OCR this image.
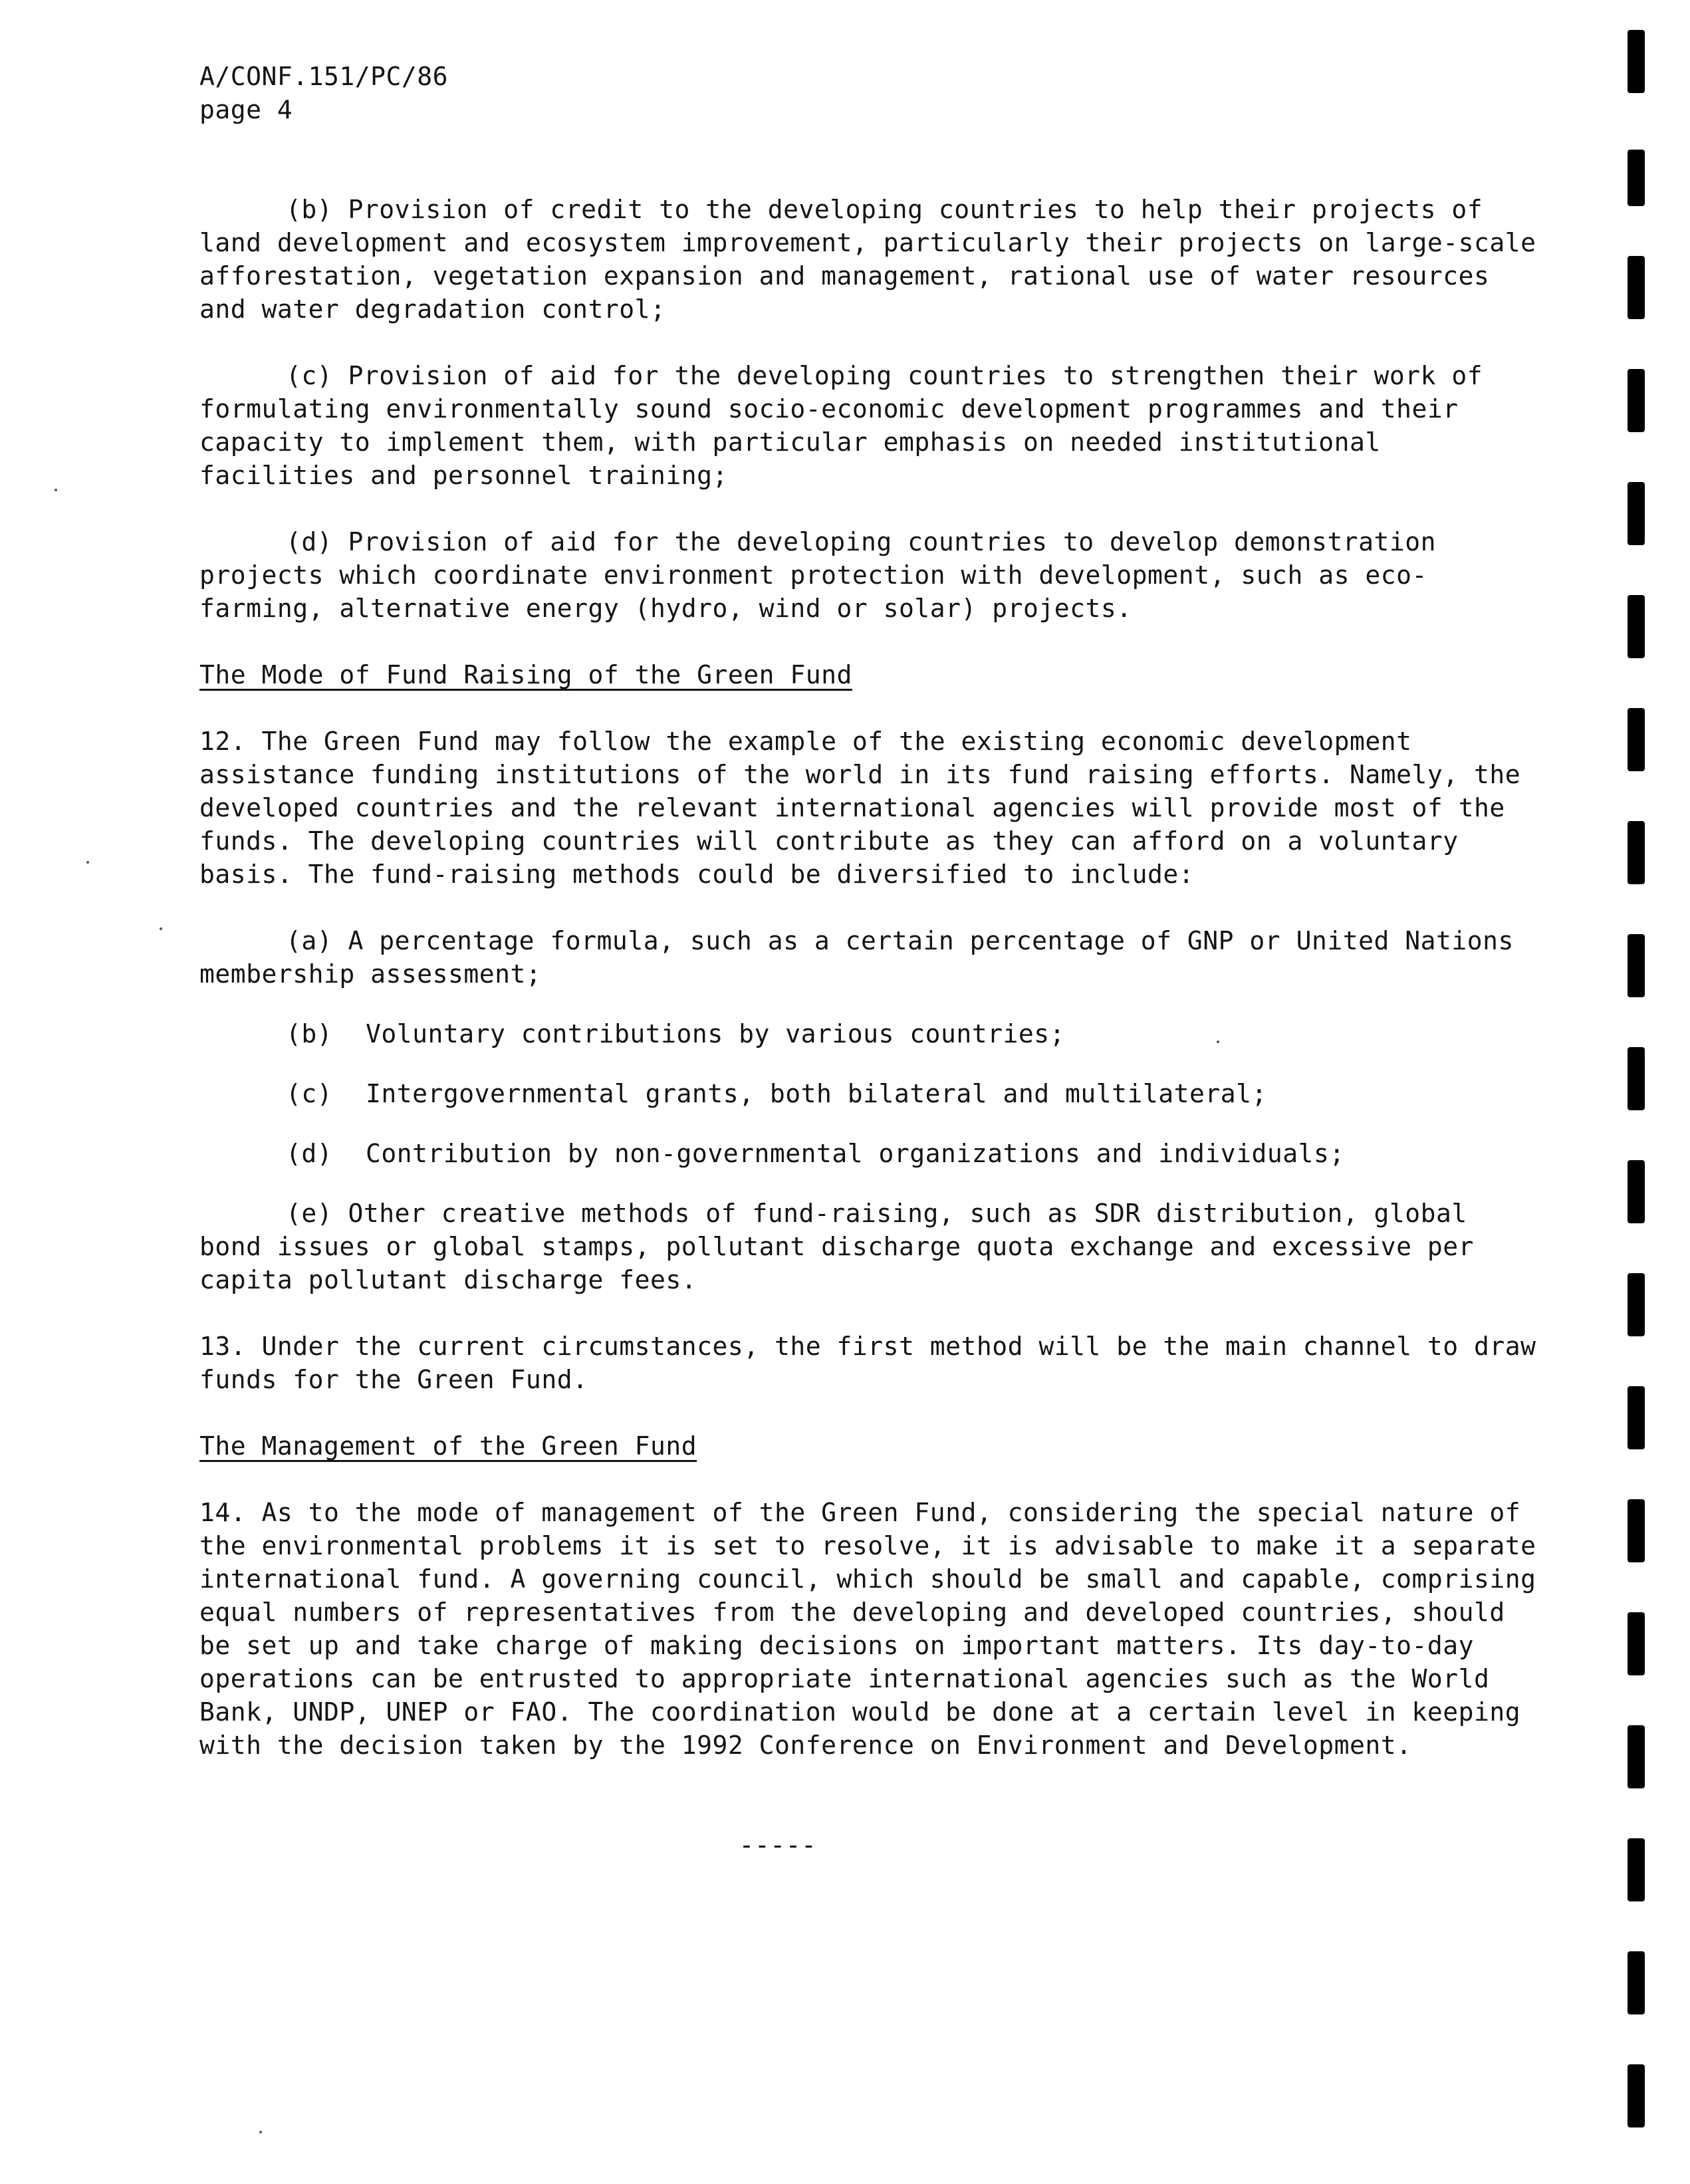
A/CONF.151/PC/86

page 4

(b) Provision of credit to the developing countries to help their projects of land development and ecosystem improvement, particularly their projects on large-scale afforestation, vegetation expansion and management, rational use of water resources and water degradation control;

(c) Provision of aid for the developing countries to strengthen their work of formulating environmentally sound socio-economic development programmes and their capacity to implement them, with particular emphasis on needed institutional facilities and personnel training;

(d) Provision of aid for the developing countries to develop demonstration projects which coordinate environment protection with development, such as eco-farming, alternative energy (hydro, wind or solar) projects.

The Mode of Fund Raising of the Green Fund

12. The Green Fund may follow the example of the existing economic development assistance funding institutions of the world in its fund raising efforts. Namely, the developed countries and the relevant international agencies will provide most of the funds. The developing countries will contribute as they can afford on a voluntary basis. The fund-raising methods could be diversified to include:

(a) A percentage formula, such as a certain percentage of GNP or United Nations membership assessment;

(b) Voluntary contributions by various countries;

(c) Intergovernmental grants, both bilateral and multilateral;

(d) Contribution by non-governmental organizations and individuals;

(e) Other creative methods of fund-raising, such as SDR distribution, global bond issues or global stamps, pollutant discharge quota exchange and excessive per capita pollutant discharge fees.

13. Under the current circumstances, the first method will be the main channel to draw funds for the Green Fund.

The Management of the Green Fund

14. As to the mode of management of the Green Fund, considering the special nature of the environmental problems it is set to resolve, it is advisable to make it a separate international fund. A governing council, which should be small and capable, comprising equal numbers of representatives from the developing and developed countries, should be set up and take charge of making decisions on important matters. Its day-to-day operations can be entrusted to appropriate international agencies such as the World Bank, UNDP, UNEP or FAO. The coordination would be done at a certain level in keeping with the decision taken by the 1992 Conference on Environment and Development.

-----
